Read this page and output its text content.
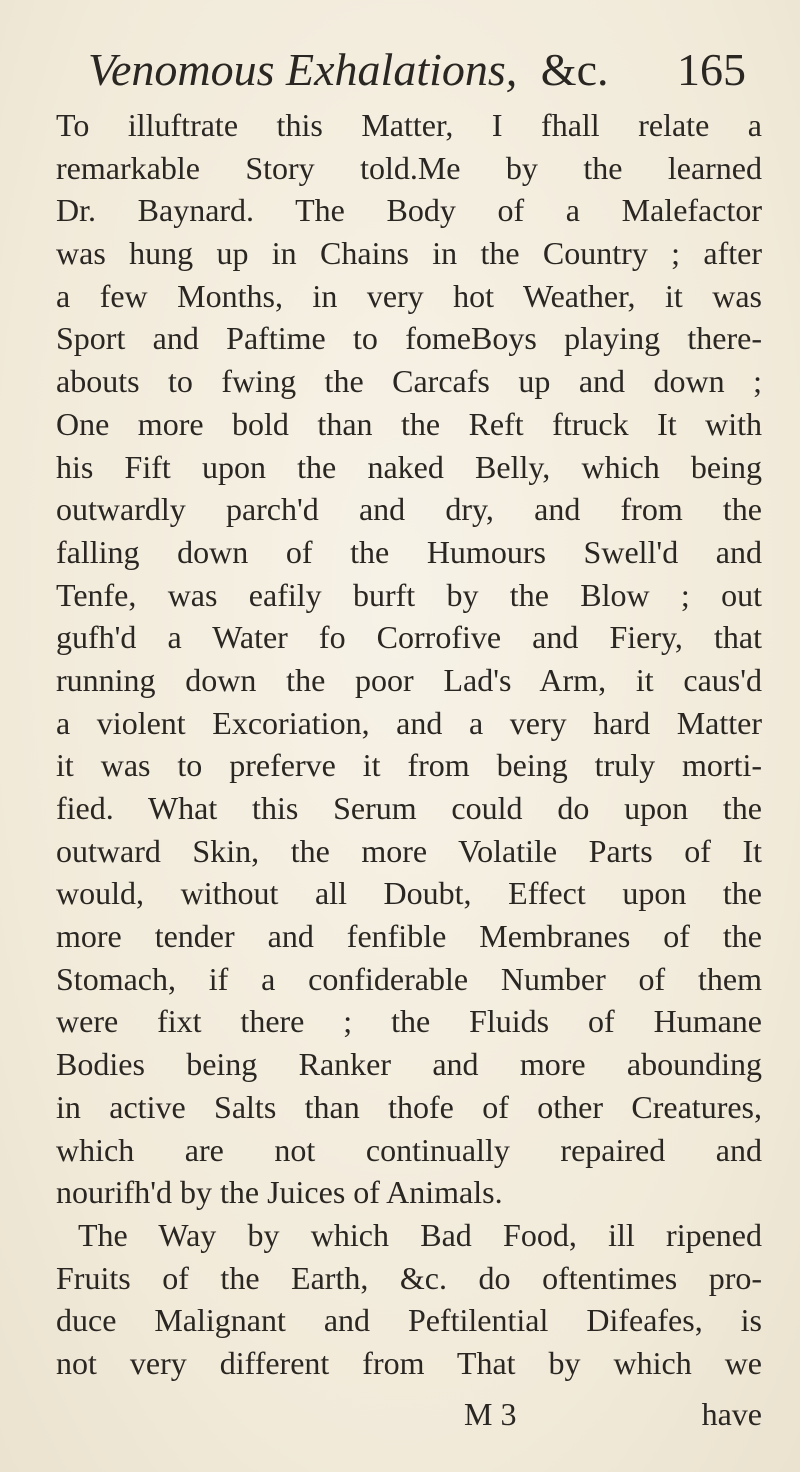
Venomous Exhalations, &c. 165
To illuftrate this Matter, I fhall relate a
remarkable Story told.Me by the learned
Dr. Baynard. The Body of a Malefactor
was hung up in Chains in the Country ; after
a few Months, in very hot Weather, it was
Sport and Paftime to fomeBoys playing there-
abouts to fwing the Carcafs up and down ;
One more bold than the Reft ftruck It with
his Fift upon the naked Belly, which being
outwardly parch'd and dry, and from the
falling down of the Humours Swell'd and
Tenfe, was eafily burft by the Blow ; out
gufh'd a Water fo Corrofive and Fiery, that
running down the poor Lad's Arm, it caus'd
a violent Excoriation, and a very hard Matter
it was to preferve it from being truly morti-
fied. What this Serum could do upon the
outward Skin, the more Volatile Parts of It
would, without all Doubt, Effect upon the
more tender and fenfible Membranes of the
Stomach, if a confiderable Number of them
were fixt there ; the Fluids of Humane
Bodies being Ranker and more abounding
in active Salts than thofe of other Creatures,
which are not continually repaired and
nourifh'd by the Juices of Animals.
The Way by which Bad Food, ill ripened
Fruits of the Earth, &c. do oftentimes pro-
duce Malignant and Peftilential Difeafes, is
not very different from That by which we
M 3	have
